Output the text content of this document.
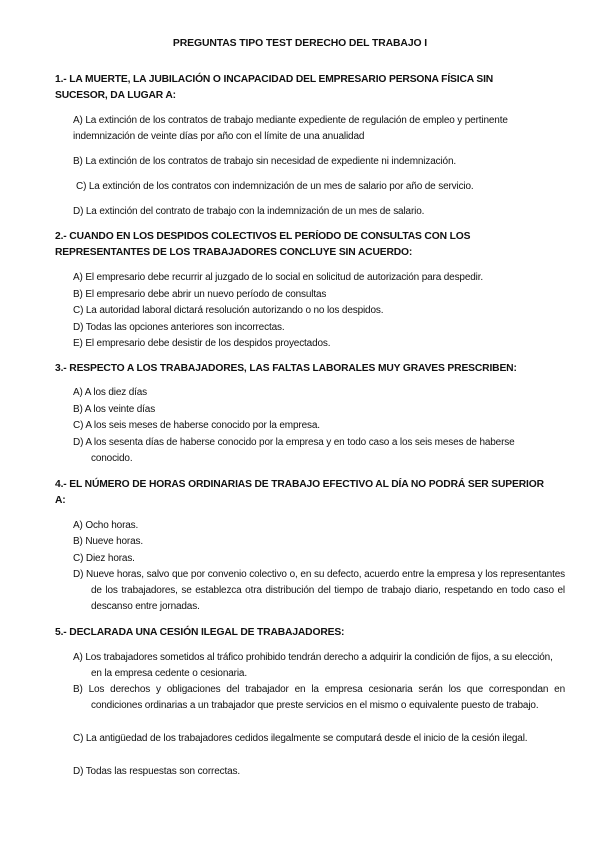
PREGUNTAS TIPO TEST DERECHO DEL TRABAJO I
1.- LA MUERTE, LA JUBILACIÓN O INCAPACIDAD DEL EMPRESARIO PERSONA FÍSICA SIN SUCESOR, DA LUGAR A:
A) La extinción de los contratos de trabajo mediante expediente de regulación de empleo y pertinente indemnización de veinte días por año con el límite de una anualidad
B) La extinción de los contratos de trabajo sin necesidad de expediente ni indemnización.
C) La extinción de los contratos con indemnización de un mes de salario por año de servicio.
D) La extinción del contrato de trabajo con la indemnización de un mes de salario.
2.- CUANDO EN LOS DESPIDOS COLECTIVOS EL PERÍODO DE CONSULTAS CON LOS REPRESENTANTES DE LOS TRABAJADORES CONCLUYE SIN ACUERDO:
A) El empresario debe recurrir al juzgado de lo social en solicitud de autorización para despedir.
B) El empresario debe abrir un nuevo período de consultas
C) La autoridad laboral dictará resolución autorizando o no los despidos.
D) Todas las opciones anteriores son incorrectas.
E) El empresario debe desistir de los despidos proyectados.
3.- RESPECTO A LOS TRABAJADORES, LAS FALTAS LABORALES MUY GRAVES PRESCRIBEN:
A) A los diez días
B) A los veinte días
C) A los seis meses de haberse conocido por la empresa.
D) A los sesenta días de haberse conocido por la empresa y en todo caso a los seis meses de haberse conocido.
4.- EL NÚMERO DE HORAS ORDINARIAS DE TRABAJO EFECTIVO AL DÍA NO PODRÁ SER SUPERIOR A:
A) Ocho horas.
B) Nueve horas.
C) Diez horas.
D) Nueve horas, salvo que por convenio colectivo o, en su defecto, acuerdo entre la empresa y los representantes de los trabajadores, se establezca otra distribución del tiempo de trabajo diario, respetando en todo caso el descanso entre jornadas.
5.- DECLARADA UNA CESIÓN ILEGAL DE TRABAJADORES:
A) Los trabajadores sometidos al tráfico prohibido tendrán derecho a adquirir la condición de fijos, a su elección, en la empresa cedente o cesionaria.
B) Los derechos y obligaciones del trabajador en la empresa cesionaria serán los que correspondan en condiciones ordinarias a un trabajador que preste servicios en el mismo o equivalente puesto de trabajo.
C) La antigüedad de los trabajadores cedidos ilegalmente se computará desde el inicio de la cesión ilegal.
D) Todas las respuestas son correctas.
